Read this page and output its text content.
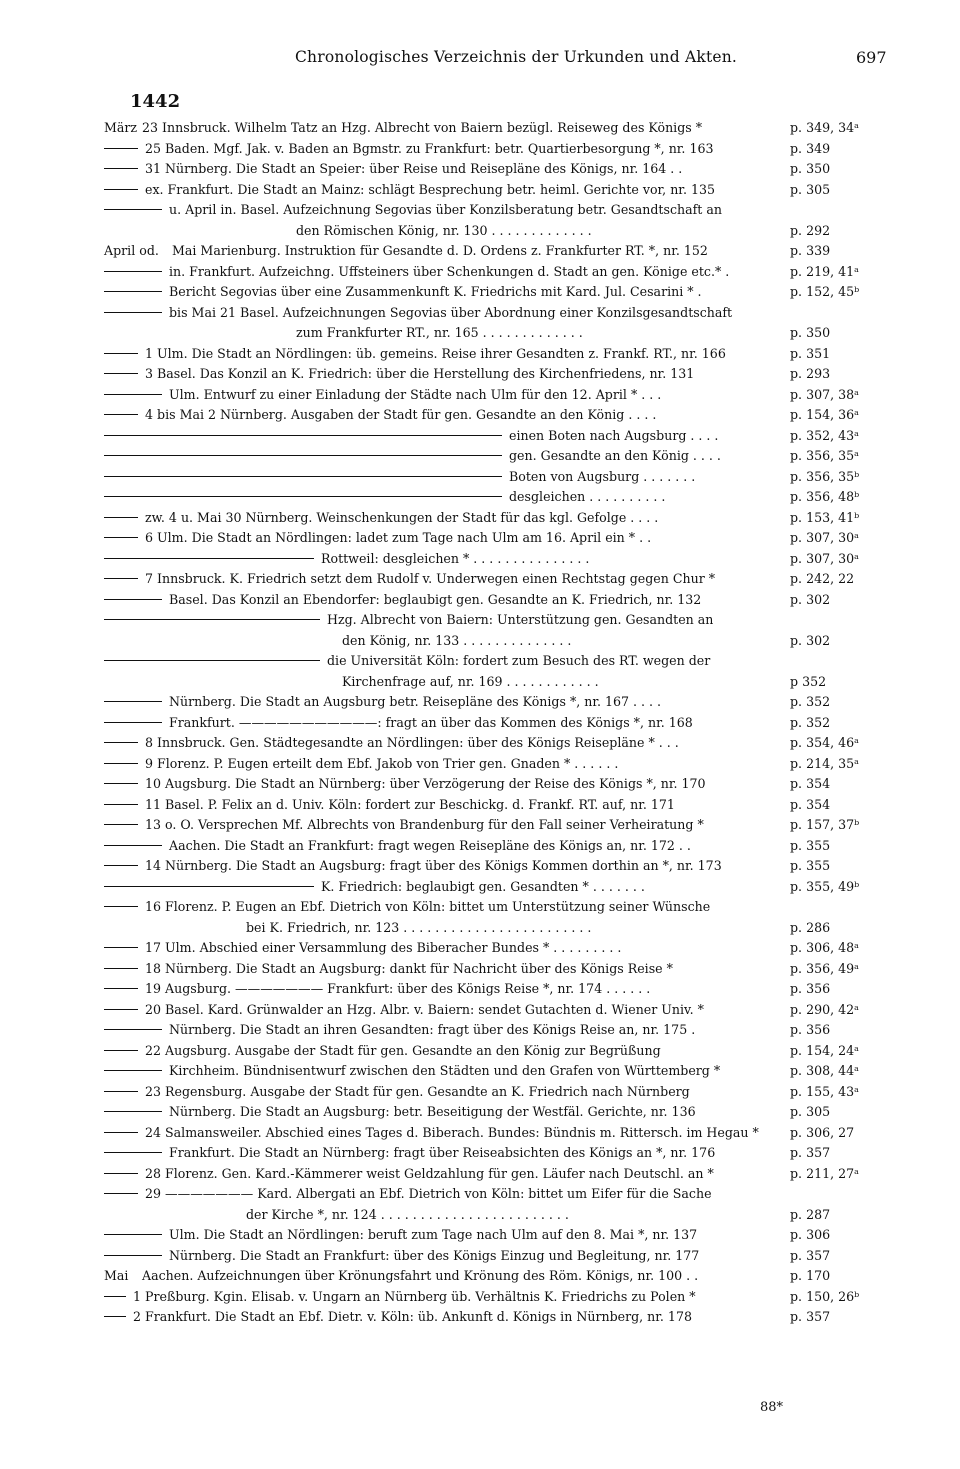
Chronologisches Verzeichnis der Urkunden und Akten.	697
1442
März 23 Innsbruck. Wilhelm Tatz an Hzg. Albrecht von Baiern bezügl. Reiseweg des Königs *	p. 349, 34ᵃ
25 Baden. Mgf. Jak. v. Baden an Bgmstr. zu Frankfurt: betr. Quartierbesorgung *, nr. 163	p. 349
31 Nürnberg. Die Stadt an Speier: über Reise und Reisepläne des Königs, nr. 164 . .	p. 350
ex. Frankfurt. Die Stadt an Mainz: schlägt Besprechung betr. heiml. Gerichte vor, nr. 135	p. 305
u. April in. Basel. Aufzeichnung Segovias über Konzilsberatung betr. Gesandtschaft an
den Römischen König, nr. 130 . . . . . . . . . . . . .	p. 292
April od. Mai Marienburg. Instruktion für Gesandte d. D. Ordens z. Frankfurter RT. *, nr. 152	p. 339
in. Frankfurt. Aufzeichng. Uffsteiners über Schenkungen d. Stadt an gen. Könige etc.* .	p. 219, 41ᵃ
Bericht Segovias über eine Zusammenkunft K. Friedrichs mit Kard. Jul. Cesarini * .	p. 152, 45ᵇ
bis Mai 21 Basel. Aufzeichnungen Segovias über Abordnung einer Konzilsgesandtschaft
zum Frankfurter RT., nr. 165 . . . . . . . . . . . . .	p. 350
1 Ulm. Die Stadt an Nördlingen: üb. gemeins. Reise ihrer Gesandten z. Frankf. RT., nr. 166	p. 351
3 Basel. Das Konzil an K. Friedrich: über die Herstellung des Kirchenfriedens, nr. 131	p. 293
Ulm. Entwurf zu einer Einladung der Städte nach Ulm für den 12. April * . . .	p. 307, 38ᵃ
4 bis Mai 2 Nürnberg. Ausgaben der Stadt für gen. Gesandte an den König . . . .	p. 154, 36ᵃ
einen Boten nach Augsburg . . . .	p. 352, 43ᵃ
gen. Gesandte an den König . . . .	p. 356, 35ᵃ
Boten von Augsburg . . . . . . .	p. 356, 35ᵇ
desgleichen . . . . . . . . . .	p. 356, 48ᵇ
zw. 4 u. Mai 30 Nürnberg. Weinschenkungen der Stadt für das kgl. Gefolge . . . .	p. 153, 41ᵇ
6 Ulm. Die Stadt an Nördlingen: ladet zum Tage nach Ulm am 16. April ein * . .	p. 307, 30ᵃ
Rottweil: desgleichen * . . . . . . . . . . . . . . .	p. 307, 30ᵃ
7 Innsbruck. K. Friedrich setzt dem Rudolf v. Underwegen einen Rechtstag gegen Chur *	p. 242, 22
Basel. Das Konzil an Ebendorfer: beglaubigt gen. Gesandte an K. Friedrich, nr. 132	p. 302
Hzg. Albrecht von Baiern: Unterstützung gen. Gesandten an
den König, nr. 133 . . . . . . . . . . . . . .	p. 302
die Universität Köln: fordert zum Besuch des RT. wegen der
Kirchenfrage auf, nr. 169 . . . . . . . . . . . .	p 352
Nürnberg. Die Stadt an Augsburg betr. Reisepläne des Königs *, nr. 167 . . . .	p. 352
Frankfurt. ———————————: fragt an über das Kommen des Königs *, nr. 168	p. 352
8 Innsbruck. Gen. Städtegesandte an Nördlingen: über des Königs Reisepläne * . . .	p. 354, 46ᵃ
9 Florenz. P. Eugen erteilt dem Ebf. Jakob von Trier gen. Gnaden * . . . . . .	p. 214, 35ᵃ
10 Augsburg. Die Stadt an Nürnberg: über Verzögerung der Reise des Königs *, nr. 170	p. 354
11 Basel. P. Felix an d. Univ. Köln: fordert zur Beschickg. d. Frankf. RT. auf, nr. 171	p. 354
13 o. O. Versprechen Mf. Albrechts von Brandenburg für den Fall seiner Verheiratung *	p. 157, 37ᵇ
Aachen. Die Stadt an Frankfurt: fragt wegen Reisepläne des Königs an, nr. 172 . .	p. 355
14 Nürnberg. Die Stadt an Augsburg: fragt über des Königs Kommen dorthin an *, nr. 173	p. 355
K. Friedrich: beglaubigt gen. Gesandten * . . . . . . .	p. 355, 49ᵇ
16 Florenz. P. Eugen an Ebf. Dietrich von Köln: bittet um Unterstützung seiner Wünsche
bei K. Friedrich, nr. 123 . . . . . . . . . . . . . . . . . . . . . . . .	p. 286
17 Ulm. Abschied einer Versammlung des Biberacher Bundes * . . . . . . . . .	p. 306, 48ᵃ
18 Nürnberg. Die Stadt an Augsburg: dankt für Nachricht über des Königs Reise *	p. 356, 49ᵃ
19 Augsburg. ——————— Frankfurt: über des Königs Reise *, nr. 174 . . . . . .	p. 356
20 Basel. Kard. Grünwalder an Hzg. Albr. v. Baiern: sendet Gutachten d. Wiener Univ. *	p. 290, 42ᵃ
Nürnberg. Die Stadt an ihren Gesandten: fragt über des Königs Reise an, nr. 175 .	p. 356
22 Augsburg. Ausgabe der Stadt für gen. Gesandte an den König zur Begrüßung	p. 154, 24ᵃ
Kirchheim. Bündnisentwurf zwischen den Städten und den Grafen von Württemberg *	p. 308, 44ᵃ
23 Regensburg. Ausgabe der Stadt für gen. Gesandte an K. Friedrich nach Nürnberg	p. 155, 43ᵃ
Nürnberg. Die Stadt an Augsburg: betr. Beseitigung der Westfäl. Gerichte, nr. 136	p. 305
24 Salmansweiler. Abschied eines Tages d. Biberach. Bundes: Bündnis m. Rittersch. im Hegau * p. 306, 27
Frankfurt. Die Stadt an Nürnberg: fragt über Reiseabsichten des Königs an *, nr. 176	p. 357
28 Florenz. Gen. Kard.-Kämmerer weist Geldzahlung für gen. Läufer nach Deutschl. an *	p. 211, 27ᵃ
29 ——————— Kard. Albergati an Ebf. Dietrich von Köln: bittet um Eifer für die Sache
der Kirche *, nr. 124 . . . . . . . . . . . . . . . . . . . . . . . .	p. 287
Ulm. Die Stadt an Nördlingen: beruft zum Tage nach Ulm auf den 8. Mai *, nr. 137	p. 306
Nürnberg. Die Stadt an Frankfurt: über des Königs Einzug und Begleitung, nr. 177	p. 357
Mai Aachen. Aufzeichnungen über Krönungsfahrt und Krönung des Röm. Königs, nr. 100 . .	p. 170
1 Preßburg. Kgin. Elisab. v. Ungarn an Nürnberg üb. Verhältnis K. Friedrichs zu Polen *	p. 150, 26ᵇ
2 Frankfurt. Die Stadt an Ebf. Dietr. v. Köln: üb. Ankunft d. Königs in Nürnberg, nr. 178	p. 357
88*
